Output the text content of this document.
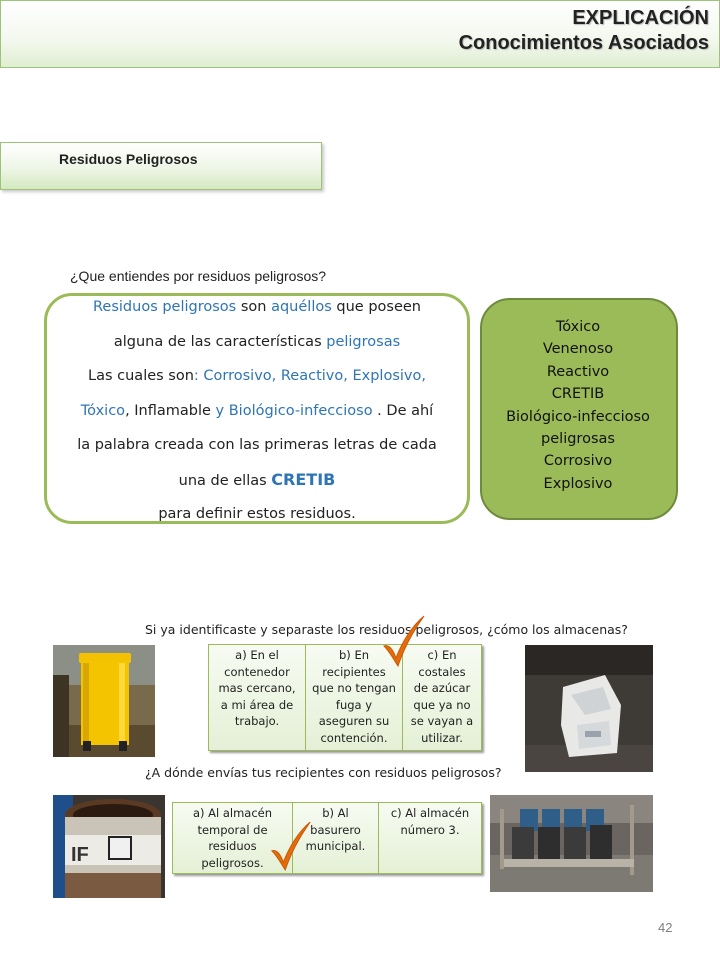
EXPLICACIÓN
Conocimientos Asociados
Residuos Peligrosos
¿Que entiendes por residuos peligrosos?
Residuos peligrosos son aquéllos que poseen
alguna de las características peligrosas
Las cuales son: Corrosivo, Reactivo, Explosivo,
Tóxico, Inflamable y Biológico-infeccioso . De ahí
la palabra creada con las primeras letras de cada
una de ellas CRETIB
para definir estos residuos.
Tóxico
Venenoso
Reactivo
CRETIB
Biológico-infeccioso
peligrosas
Corrosivo
Explosivo
Si ya identificaste y separaste los residuos peligrosos, ¿cómo los almacenas?
a) En el
contenedor
mas cercano,
a mi área de
trabajo.
b) En
recipientes
que no tengan
fuga y
aseguren su
contención.
c) En
costales
de azúcar
que ya no
se vayan a
utilizar.
¿A dónde envías tus recipientes con residuos peligrosos?
IF
a) Al almacén
temporal de
residuos
peligrosos.
b) Al
basurero
municipal.
c) Al almacén
número 3.
42
